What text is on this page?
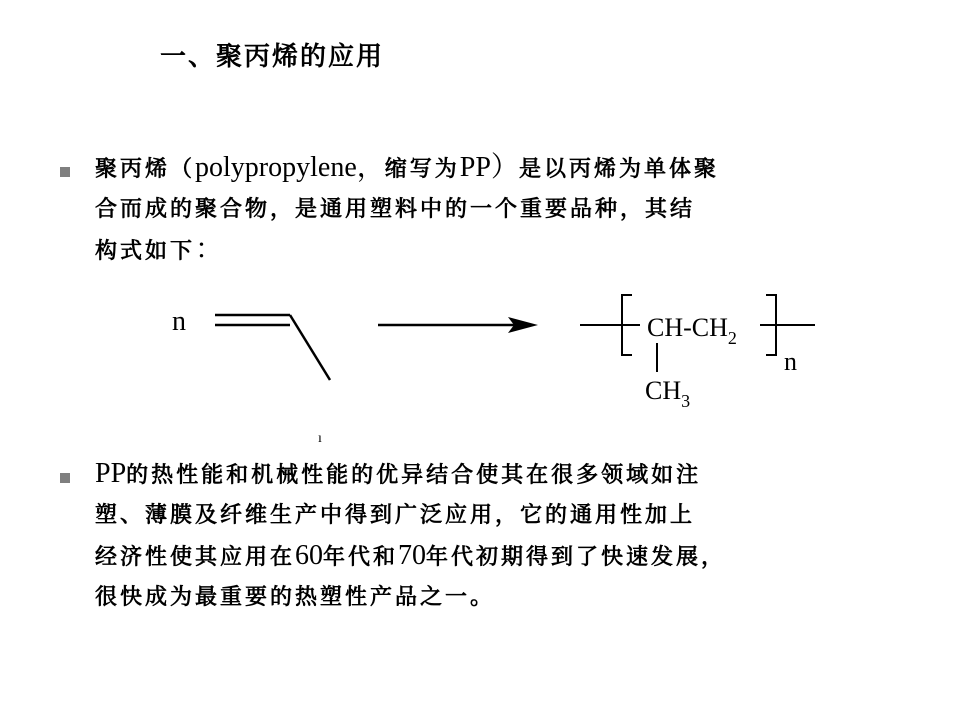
一、聚丙烯的应用
聚丙烯（polypropylene，缩写为PP）是以丙烯为单体聚
合而成的聚合物，是通用塑料中的一个重要品种，其结
构式如下：
n	$CH-CH_2$
n
$CH_3$
ı
PP的热性能和机械性能的优异结合使其在很多领域如注
塑、薄膜及纤维生产中得到广泛应用，它的通用性加上
经济性使其应用在60年代和70年代初期得到了快速发展，
很快成为最重要的热塑性产品之一。
